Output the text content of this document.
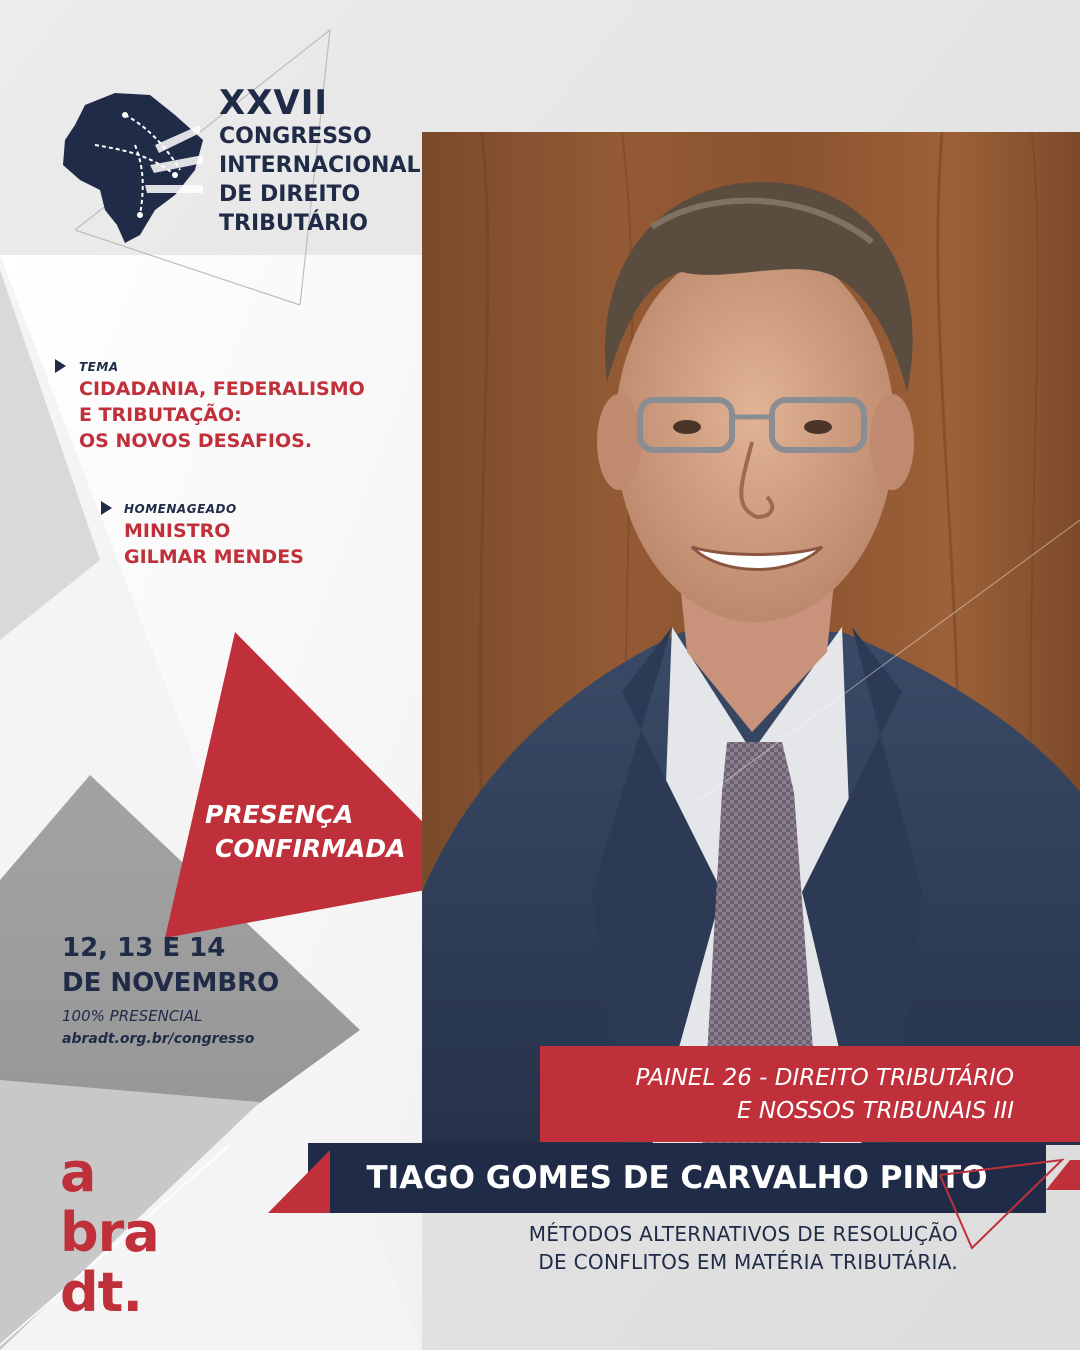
XXVII
CONGRESSO
INTERNACIONAL
DE DIREITO
TRIBUTÁRIO
TEMA
CIDADANIA, FEDERALISMO
E TRIBUTAÇÃO:
OS NOVOS DESAFIOS.
HOMENAGEADO
MINISTRO
GILMAR MENDES
PRESENÇA
CONFIRMADA
12, 13 E 14
DE NOVEMBRO
100% PRESENCIAL
abradt.org.br/congresso
a
bra
dt.
PAINEL 26 - DIREITO TRIBUTÁRIO
E NOSSOS TRIBUNAIS III
TIAGO GOMES DE CARVALHO PINTO
MÉTODOS ALTERNATIVOS DE RESOLUÇÃO
DE CONFLITOS EM MATÉRIA TRIBUTÁRIA.
